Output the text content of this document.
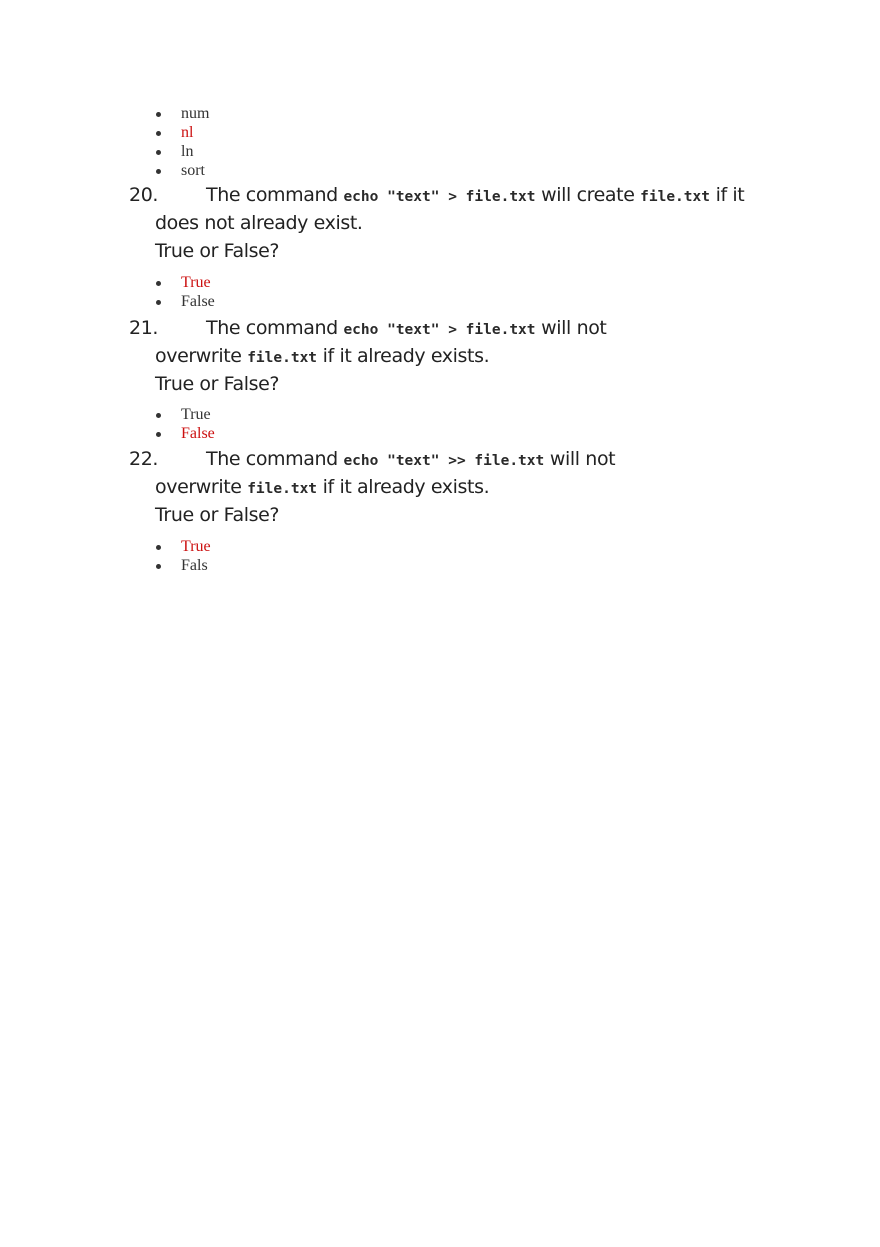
num
nl
ln
sort
20.	The command echo "text" > file.txt will create file.txt if it
does not already exist.
True or False?
True
False
21.	The command echo "text" > file.txt will not
overwrite file.txt if it already exists.
True or False?
True
False
22.	The command echo "text" >> file.txt will not
overwrite file.txt if it already exists.
True or False?
True
Fals
